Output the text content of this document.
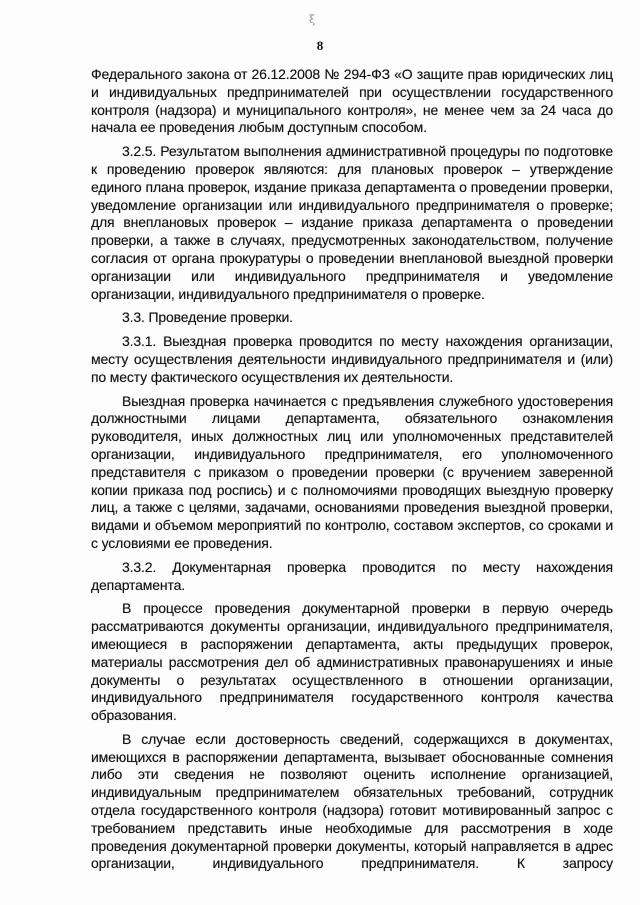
ξ
8

Федерального закона от 26.12.2008 № 294-ФЗ «О защите прав юридических лиц и индивидуальных предпринимателей при осуществлении государственного контроля (надзора) и муниципального контроля», не менее чем за 24 часа до начала ее проведения любым доступным способом.

3.2.5. Результатом выполнения административной процедуры по подготовке к проведению проверок являются: для плановых проверок – утверждение единого плана проверок, издание приказа департамента о проведении проверки, уведомление организации или индивидуального предпринимателя о проверке; для внеплановых проверок – издание приказа департамента о проведении проверки, а также в случаях, предусмотренных законодательством, получение согласия от органа прокуратуры о проведении внеплановой выездной проверки организации или индивидуального предпринимателя и уведомление организации, индивидуального предпринимателя о проверке.

3.3. Проведение проверки.

3.3.1. Выездная проверка проводится по месту нахождения организации, месту осуществления деятельности индивидуального предпринимателя и (или) по месту фактического осуществления их деятельности.

Выездная проверка начинается с предъявления служебного удостоверения должностными лицами департамента, обязательного ознакомления руководителя, иных должностных лиц или уполномоченных представителей организации, индивидуального предпринимателя, его уполномоченного представителя с приказом о проведении проверки (с вручением заверенной копии приказа под роспись) и с полномочиями проводящих выездную проверку лиц, а также с целями, задачами, основаниями проведения выездной проверки, видами и объемом мероприятий по контролю, составом экспертов, со сроками и с условиями ее проведения.

3.3.2. Документарная проверка проводится по месту нахождения департамента.

В процессе проведения документарной проверки в первую очередь рассматриваются документы организации, индивидуального предпринимателя, имеющиеся в распоряжении департамента, акты предыдущих проверок, материалы рассмотрения дел об административных правонарушениях и иные документы о результатах осуществленного в отношении организации, индивидуального предпринимателя государственного контроля качества образования.

В случае если достоверность сведений, содержащихся в документах, имеющихся в распоряжении департамента, вызывает обоснованные сомнения либо эти сведения не позволяют оценить исполнение организацией, индивидуальным предпринимателем обязательных требований, сотрудник отдела государственного контроля (надзора) готовит мотивированный запрос с требованием представить иные необходимые для рассмотрения в ходе проведения документарной проверки документы, который направляется в адрес организации, индивидуального предпринимателя. К запросу
